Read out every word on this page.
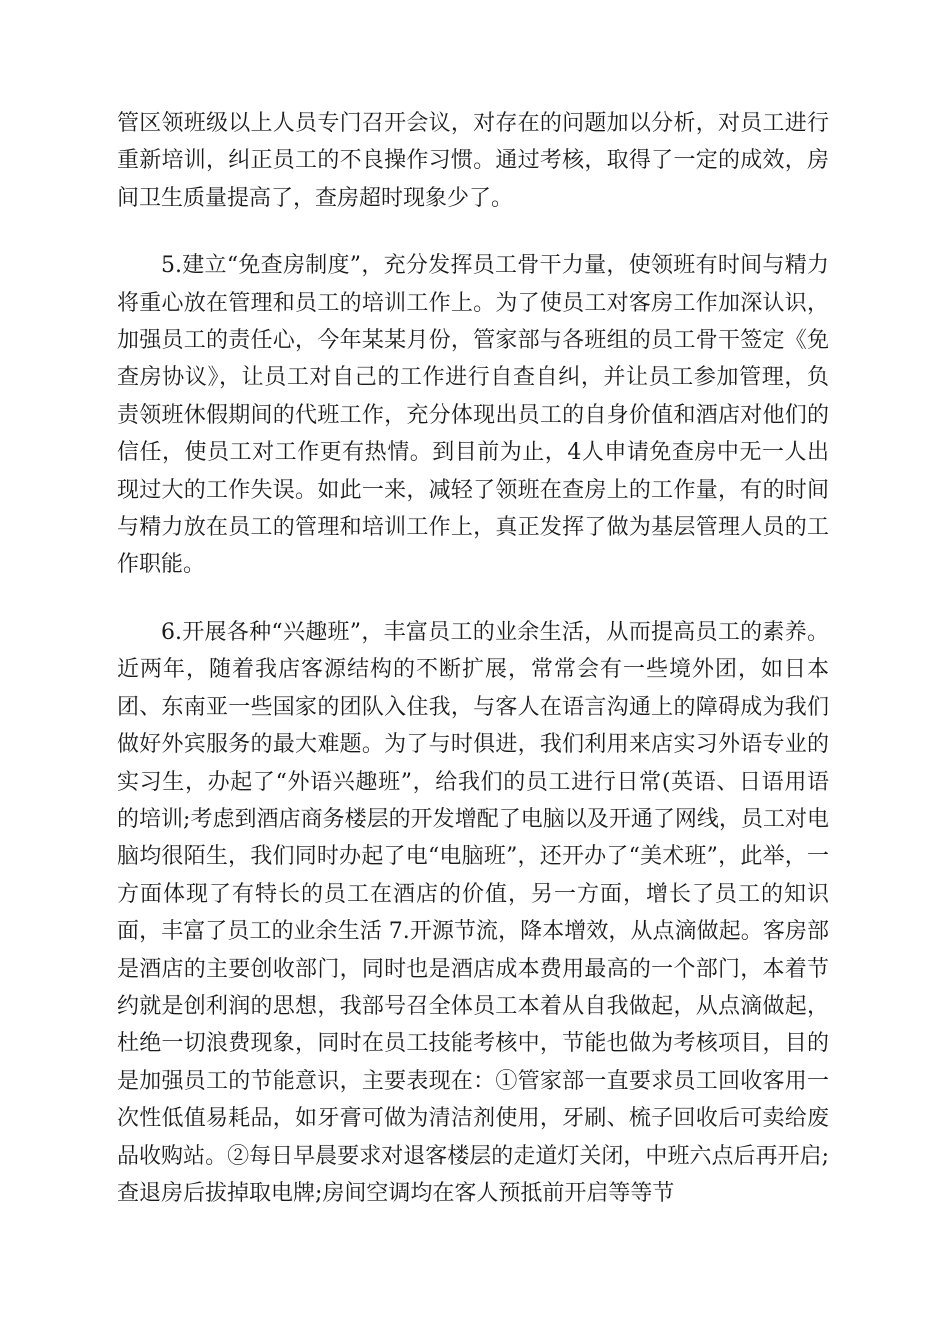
管区领班级以上人员专门召开会议，对存在的问题加以分析，对员工进行重新培训，纠正员工的不良操作习惯。通过考核，取得了一定的成效，房间卫生质量提高了，查房超时现象少了。

5.建立“免查房制度”，充分发挥员工骨干力量，使领班有时间与精力将重心放在管理和员工的培训工作上。为了使员工对客房工作加深认识，加强员工的责任心，今年某某月份，管家部与各班组的员工骨干签定《免查房协议》，让员工对自己的工作进行自查自纠，并让员工参加管理，负责领班休假期间的代班工作，充分体现出员工的自身价值和酒店对他们的信任，使员工对工作更有热情。到目前为止，4人申请免查房中无一人出现过大的工作失误。如此一来，减轻了领班在查房上的工作量，有的时间与精力放在员工的管理和培训工作上，真正发挥了做为基层管理人员的工作职能。

6.开展各种“兴趣班”，丰富员工的业余生活，从而提高员工的素养。近两年，随着我店客源结构的不断扩展，常常会有一些境外团，如日本团、东南亚一些国家的团队入住我，与客人在语言沟通上的障碍成为我们做好外宾服务的最大难题。为了与时俱进，我们利用来店实习外语专业的实习生，办起了“外语兴趣班”，给我们的员工进行日常(英语、日语用语的培训;考虑到酒店商务楼层的开发增配了电脑以及开通了网线，员工对电脑均很陌生，我们同时办起了电“电脑班”，还开办了“美术班”，此举，一方面体现了有特长的员工在酒店的价值，另一方面，增长了员工的知识面，丰富了员工的业余生活 7.开源节流，降本增效，从点滴做起。客房部是酒店的主要创收部门，同时也是酒店成本费用最高的一个部门，本着节约就是创利润的思想，我部号召全体员工本着从自我做起，从点滴做起，杜绝一切浪费现象，同时在员工技能考核中，节能也做为考核项目，目的是加强员工的节能意识，主要表现在：①管家部一直要求员工回收客用一次性低值易耗品，如牙膏可做为清洁剂使用，牙刷、梳子回收后可卖给废品收购站。②每日早晨要求对退客楼层的走道灯关闭，中班六点后再开启;查退房后拔掉取电牌;房间空调均在客人预抵前开启等等节
